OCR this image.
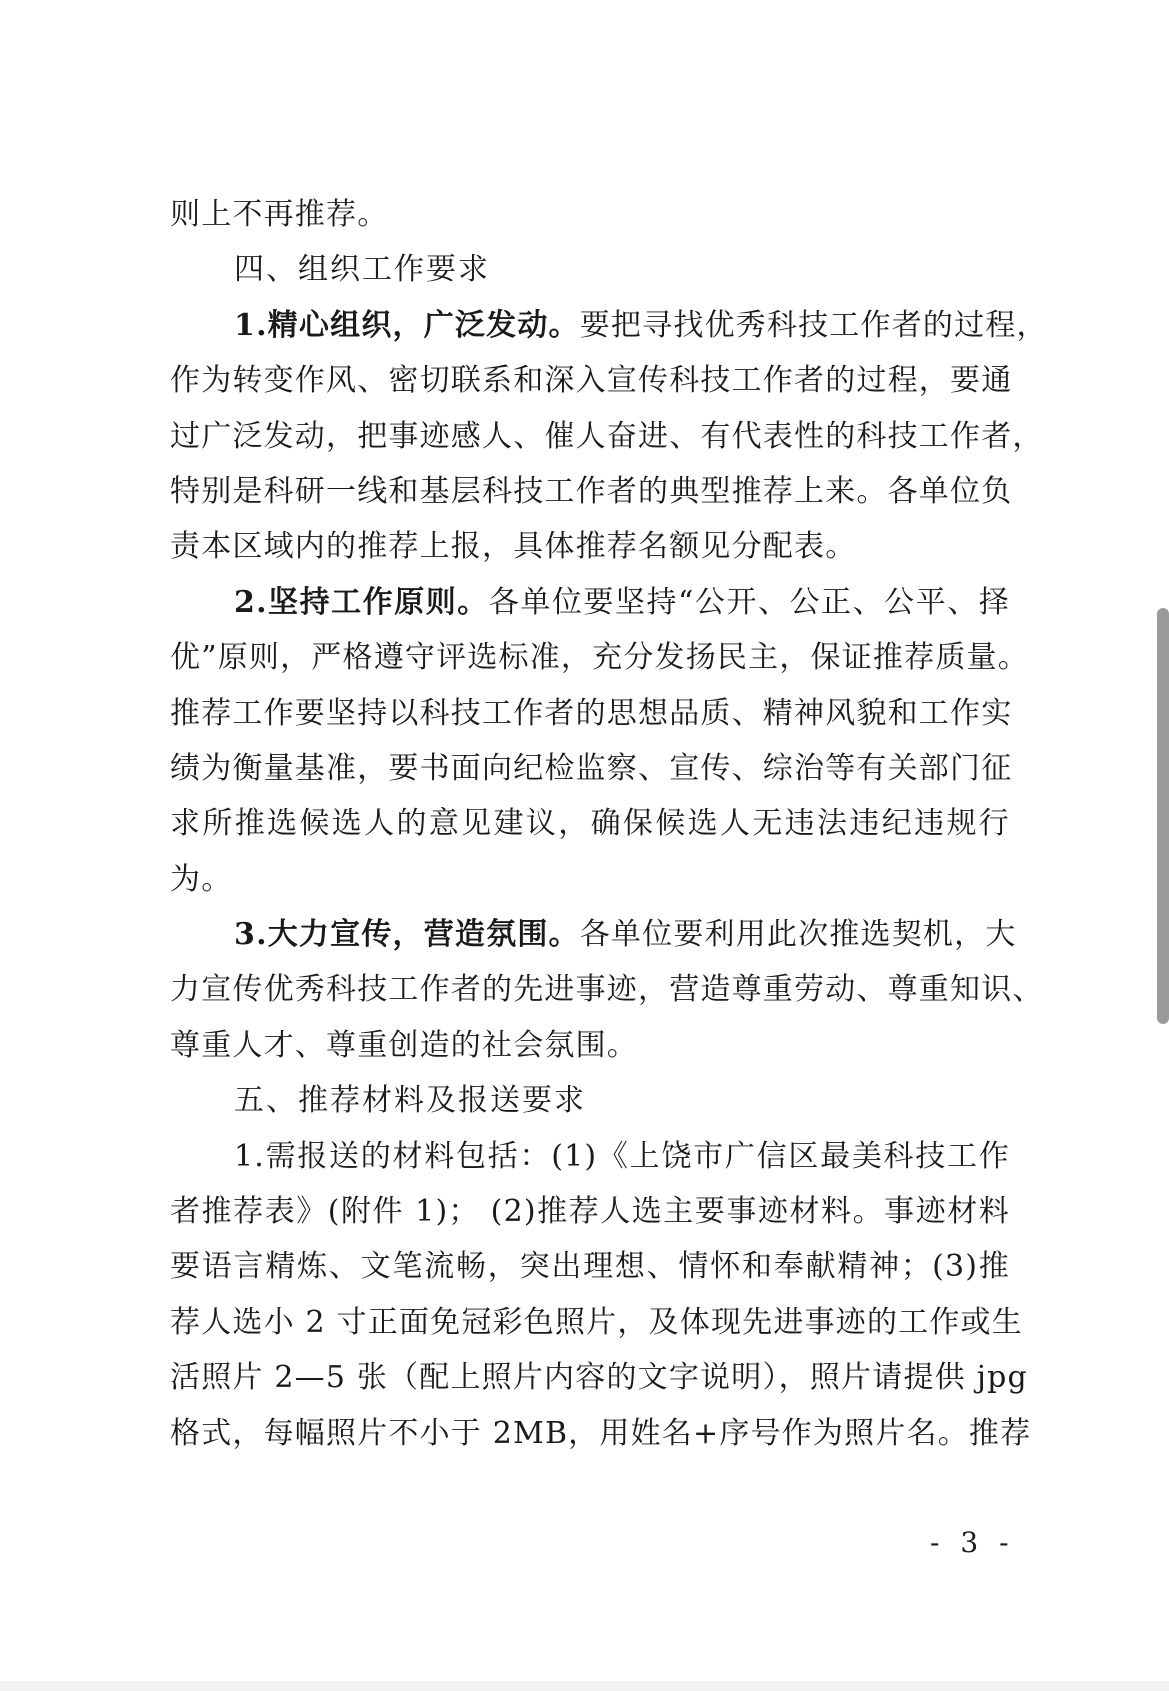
则上不再推荐。
四、组织工作要求
1.精心组织，广泛发动。要把寻找优秀科技工作者的过程，
作为转变作风、密切联系和深入宣传科技工作者的过程，要通
过广泛发动，把事迹感人、催人奋进、有代表性的科技工作者，
特别是科研一线和基层科技工作者的典型推荐上来。各单位负
责本区域内的推荐上报，具体推荐名额见分配表。
2.坚持工作原则。各单位要坚持“公开、公正、公平、择
优”原则，严格遵守评选标准，充分发扬民主，保证推荐质量。
推荐工作要坚持以科技工作者的思想品质、精神风貌和工作实
绩为衡量基准，要书面向纪检监察、宣传、综治等有关部门征
求所推选候选人的意见建议，确保候选人无违法违纪违规行
为。
3.大力宣传，营造氛围。各单位要利用此次推选契机，大
力宣传优秀科技工作者的先进事迹，营造尊重劳动、尊重知识、
尊重人才、尊重创造的社会氛围。
五、推荐材料及报送要求
1.需报送的材料包括：(1)《上饶市广信区最美科技工作
者推荐表》(附件 1)； (2)推荐人选主要事迹材料。事迹材料
要语言精炼、文笔流畅，突出理想、情怀和奉献精神；(3)推
荐人选小 2 寸正面免冠彩色照片，及体现先进事迹的工作或生
活照片 2—5 张（配上照片内容的文字说明），照片请提供 jpg
格式，每幅照片不小于 2MB，用姓名+序号作为照片名。推荐
- 3 -
